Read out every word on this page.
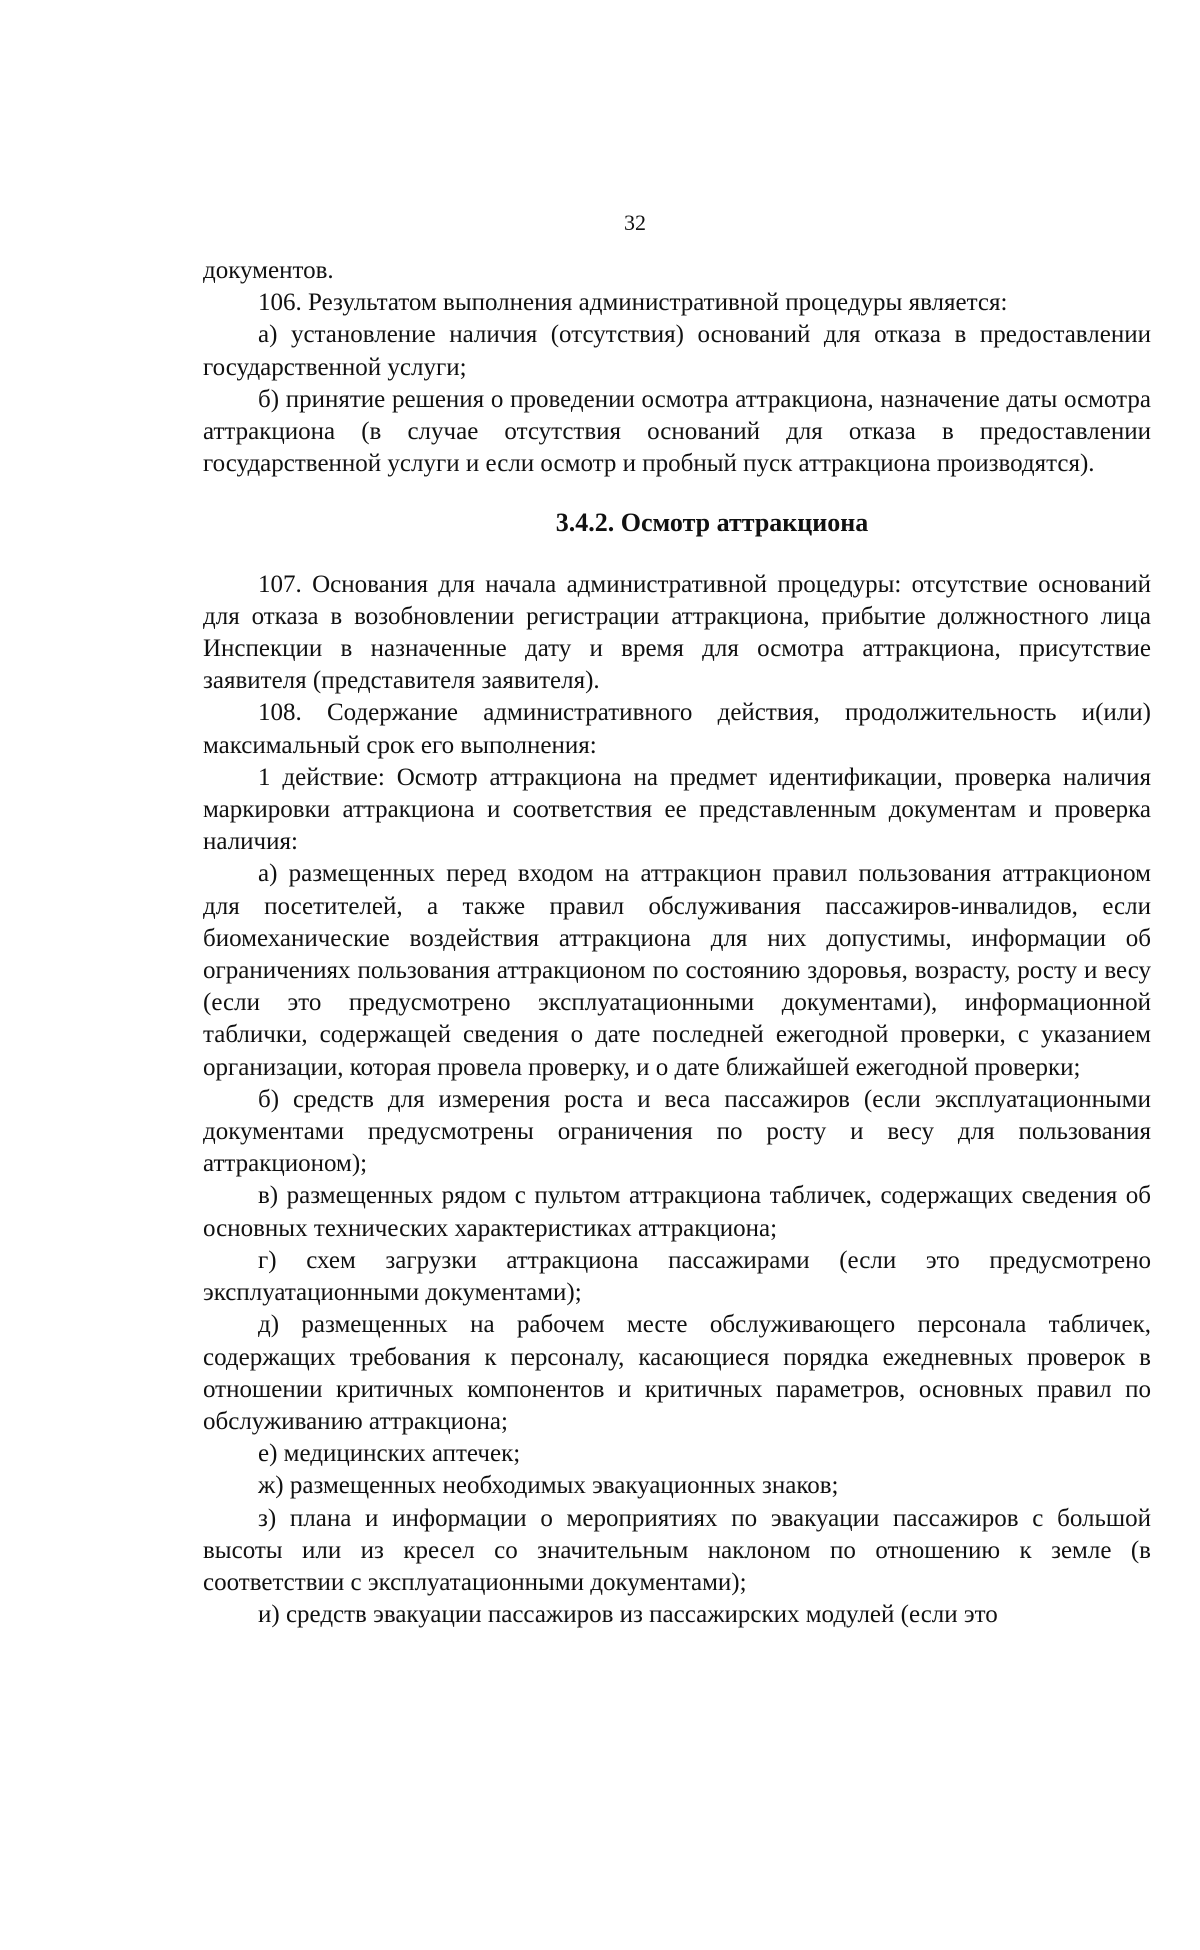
32

документов.

106. Результатом выполнения административной процедуры является:

а) установление наличия (отсутствия) оснований для отказа в предоставлении государственной услуги;

б) принятие решения о проведении осмотра аттракциона, назначение даты осмотра аттракциона (в случае отсутствия оснований для отказа в предоставлении государственной услуги и если осмотр и пробный пуск аттракциона производятся).

3.4.2. Осмотр аттракциона

107. Основания для начала административной процедуры: отсутствие оснований для отказа в возобновлении регистрации аттракциона, прибытие должностного лица Инспекции в назначенные дату и время для осмотра аттракциона, присутствие заявителя (представителя заявителя).

108. Содержание административного действия, продолжительность и(или) максимальный срок его выполнения:

1 действие: Осмотр аттракциона на предмет идентификации, проверка наличия маркировки аттракциона и соответствия ее представленным документам и проверка наличия:

а) размещенных перед входом на аттракцион правил пользования аттракционом для посетителей, а также правил обслуживания пассажиров-инвалидов, если биомеханические воздействия аттракциона для них допустимы, информации об ограничениях пользования аттракционом по состоянию здоровья, возрасту, росту и весу (если это предусмотрено эксплуатационными документами), информационной таблички, содержащей сведения о дате последней ежегодной проверки, с указанием организации, которая провела проверку, и о дате ближайшей ежегодной проверки;

б) средств для измерения роста и веса пассажиров (если эксплуатационными документами предусмотрены ограничения по росту и весу для пользования аттракционом);

в) размещенных рядом с пультом аттракциона табличек, содержащих сведения об основных технических характеристиках аттракциона;

г) схем загрузки аттракциона пассажирами (если это предусмотрено эксплуатационными документами);

д) размещенных на рабочем месте обслуживающего персонала табличек, содержащих требования к персоналу, касающиеся порядка ежедневных проверок в отношении критичных компонентов и критичных параметров, основных правил по обслуживанию аттракциона;

е) медицинских аптечек;

ж) размещенных необходимых эвакуационных знаков;

з) плана и информации о мероприятиях по эвакуации пассажиров с большой высоты или из кресел со значительным наклоном по отношению к земле (в соответствии с эксплуатационными документами);

и) средств эвакуации пассажиров из пассажирских модулей (если это
